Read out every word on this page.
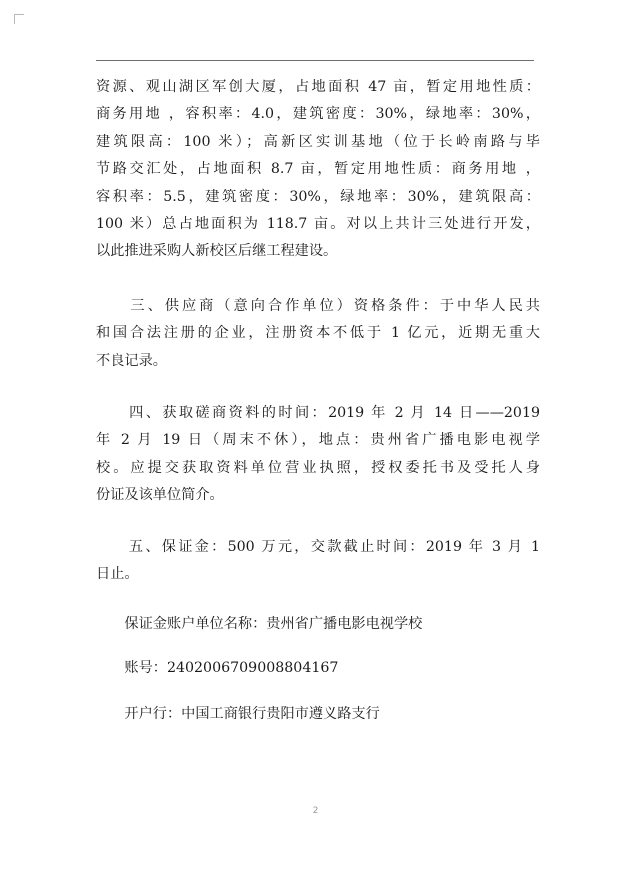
资源、观山湖区军创大厦，占地面积 47 亩，暂定用地性质：
商务用地 ，容积率：4.0，建筑密度：30%，绿地率：30%，
建筑限高：100 米）；高新区实训基地（位于长岭南路与毕
节路交汇处，占地面积 8.7 亩，暂定用地性质：商务用地 ，
容积率：5.5，建筑密度：30%，绿地率：30%，建筑限高：
100 米）总占地面积为 118.7 亩。对以上共计三处进行开发，
以此推进采购人新校区后继工程建设。
　　三、供应商（意向合作单位）资格条件：于中华人民共
和国合法注册的企业，注册资本不低于 1 亿元，近期无重大
不良记录。
　　四、获取磋商资料的时间：2019 年 2 月 14 日——2019
年 2 月 19 日（周末不休），地点：贵州省广播电影电视学
校。应提交获取资料单位营业执照，授权委托书及受托人身
份证及该单位简介。
　　五、保证金：500 万元，交款截止时间：2019 年 3 月 1
日止。
　　保证金账户单位名称：贵州省广播电影电视学校
　　账号：2402006709008804167
　　开户行：中国工商银行贵阳市遵义路支行
2
